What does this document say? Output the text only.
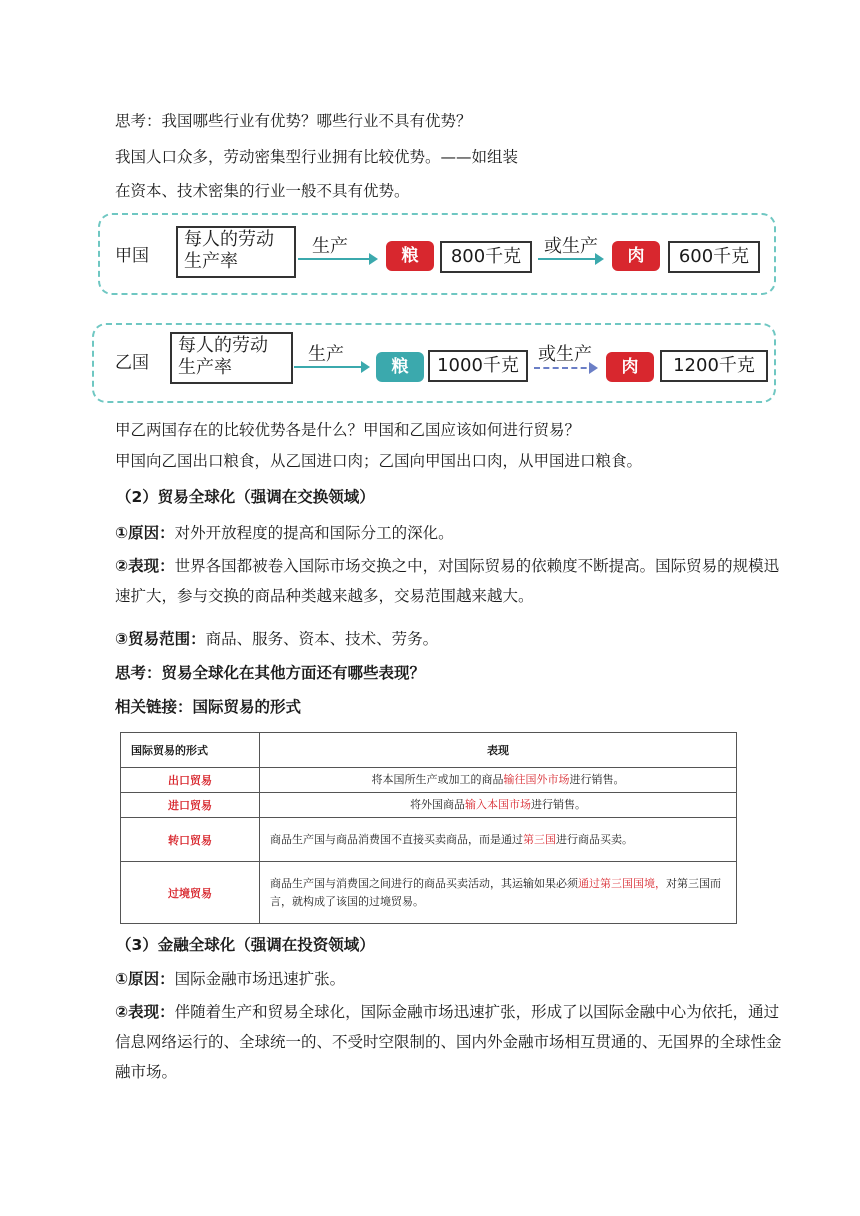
思考：我国哪些行业有优势？哪些行业不具有优势？
我国人口众多，劳动密集型行业拥有比较优势。——如组装
在资本、技术密集的行业一般不具有优势。
甲国
每人的劳动
生产率
生产	粮	800千克	或生产	肉	600千克
乙国
每人的劳动
生产率
生产
粮	1000千克
或生产
肉	1200千克
甲乙两国存在的比较优势各是什么？甲国和乙国应该如何进行贸易？
甲国向乙国出口粮食，从乙国进口肉；乙国向甲国出口肉，从甲国进口粮食。
（2）贸易全球化（强调在交换领域）
①原因：对外开放程度的提高和国际分工的深化。
②表现：世界各国都被卷入国际市场交换之中，对国际贸易的依赖度不断提高。国际贸易的规模迅速扩大，参与交换的商品种类越来越多，交易范围越来越大。
③贸易范围：商品、服务、资本、技术、劳务。
思考：贸易全球化在其他方面还有哪些表现？
相关链接：国际贸易的形式
国际贸易的形式	表现
出口贸易	将本国所生产或加工的商品输往国外市场进行销售。
进口贸易	将外国商品输入本国市场进行销售。
转口贸易	商品生产国与商品消费国不直接买卖商品，而是通过第三国进行商品买卖。
过境贸易	商品生产国与消费国之间进行的商品买卖活动，其运输如果必须通过第三国国境，对第三国而言，就构成了该国的过境贸易。
（3）金融全球化（强调在投资领域）
①原因：国际金融市场迅速扩张。
②表现：伴随着生产和贸易全球化，国际金融市场迅速扩张，形成了以国际金融中心为依托，通过信息网络运行的、全球统一的、不受时空限制的、国内外金融市场相互贯通的、无国界的全球性金融市场。
